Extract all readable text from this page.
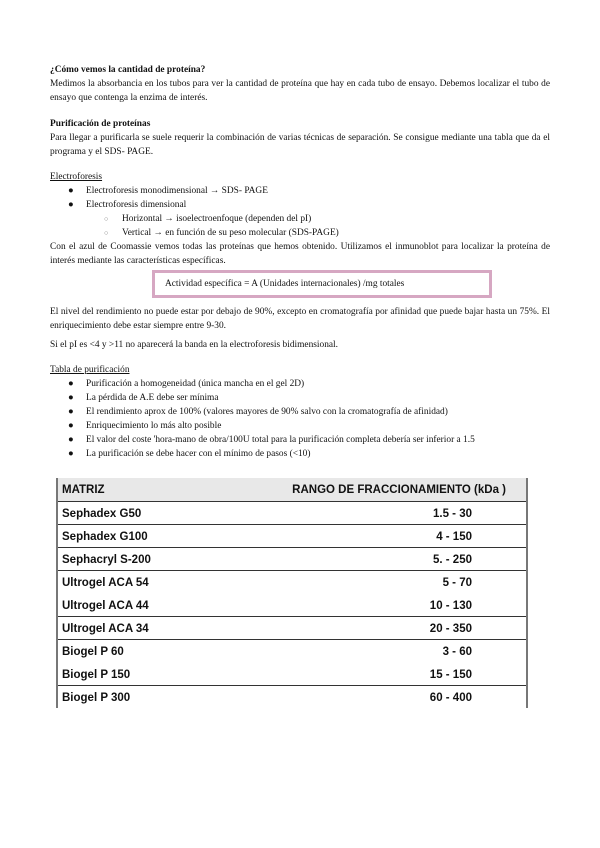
¿Cómo vemos la cantidad de proteína?

Medimos la absorbancia en los tubos para ver la cantidad de proteína que hay en cada tubo de ensayo. Debemos localizar el tubo de ensayo que contenga la enzima de interés.

Purificación de proteínas

Para llegar a purificarla se suele requerir la combinación de varias técnicas de separación. Se consigue mediante una tabla que da el programa y el SDS- PAGE.

Electroforesis

●	Electroforesis monodimensional → SDS- PAGE
●	Electroforesis dimensional
○	Horizontal → isoelectroenfoque (dependen del pI)
○	Vertical → en función de su peso molecular (SDS-PAGE)

Con el azul de Coomassie vemos todas las proteínas que hemos obtenido. Utilizamos el inmunoblot para localizar la proteína de interés mediante las características específicas.

Actividad específica = A (Unidades internacionales) /mg totales

El nivel del rendimiento no puede estar por debajo de 90%, excepto en cromatografía por afinidad que puede bajar hasta un 75%. El enriquecimiento debe estar siempre entre 9-30.

Si el pI es <4 y >11 no aparecerá la banda en la electroforesis bidimensional.

Tabla de purificación

●	Purificación a homogeneidad (única mancha en el gel 2D)
●	La pérdida de A.E debe ser mínima
●	El rendimiento aprox de 100% (valores mayores de 90% salvo con la cromatografía de afinidad)
●	Enriquecimiento lo más alto posible
●	El valor del coste 'hora-mano de obra/100U total para la purificación completa debería ser inferior a 1.5
●	La purificación se debe hacer con el mínimo de pasos (<10)
MATRIZ	RANGO DE FRACCIONAMIENTO (kDa )
Sephadex G50	1.5 - 30
Sephadex G100	4 - 150
Sephacryl S-200	5. - 250
Ultrogel ACA 54	5 - 70
Ultrogel ACA 44	10 - 130
Ultrogel ACA 34	20 - 350
Biogel P 60	3 - 60
Biogel P 150	15 - 150
Biogel P 300	60 - 400
